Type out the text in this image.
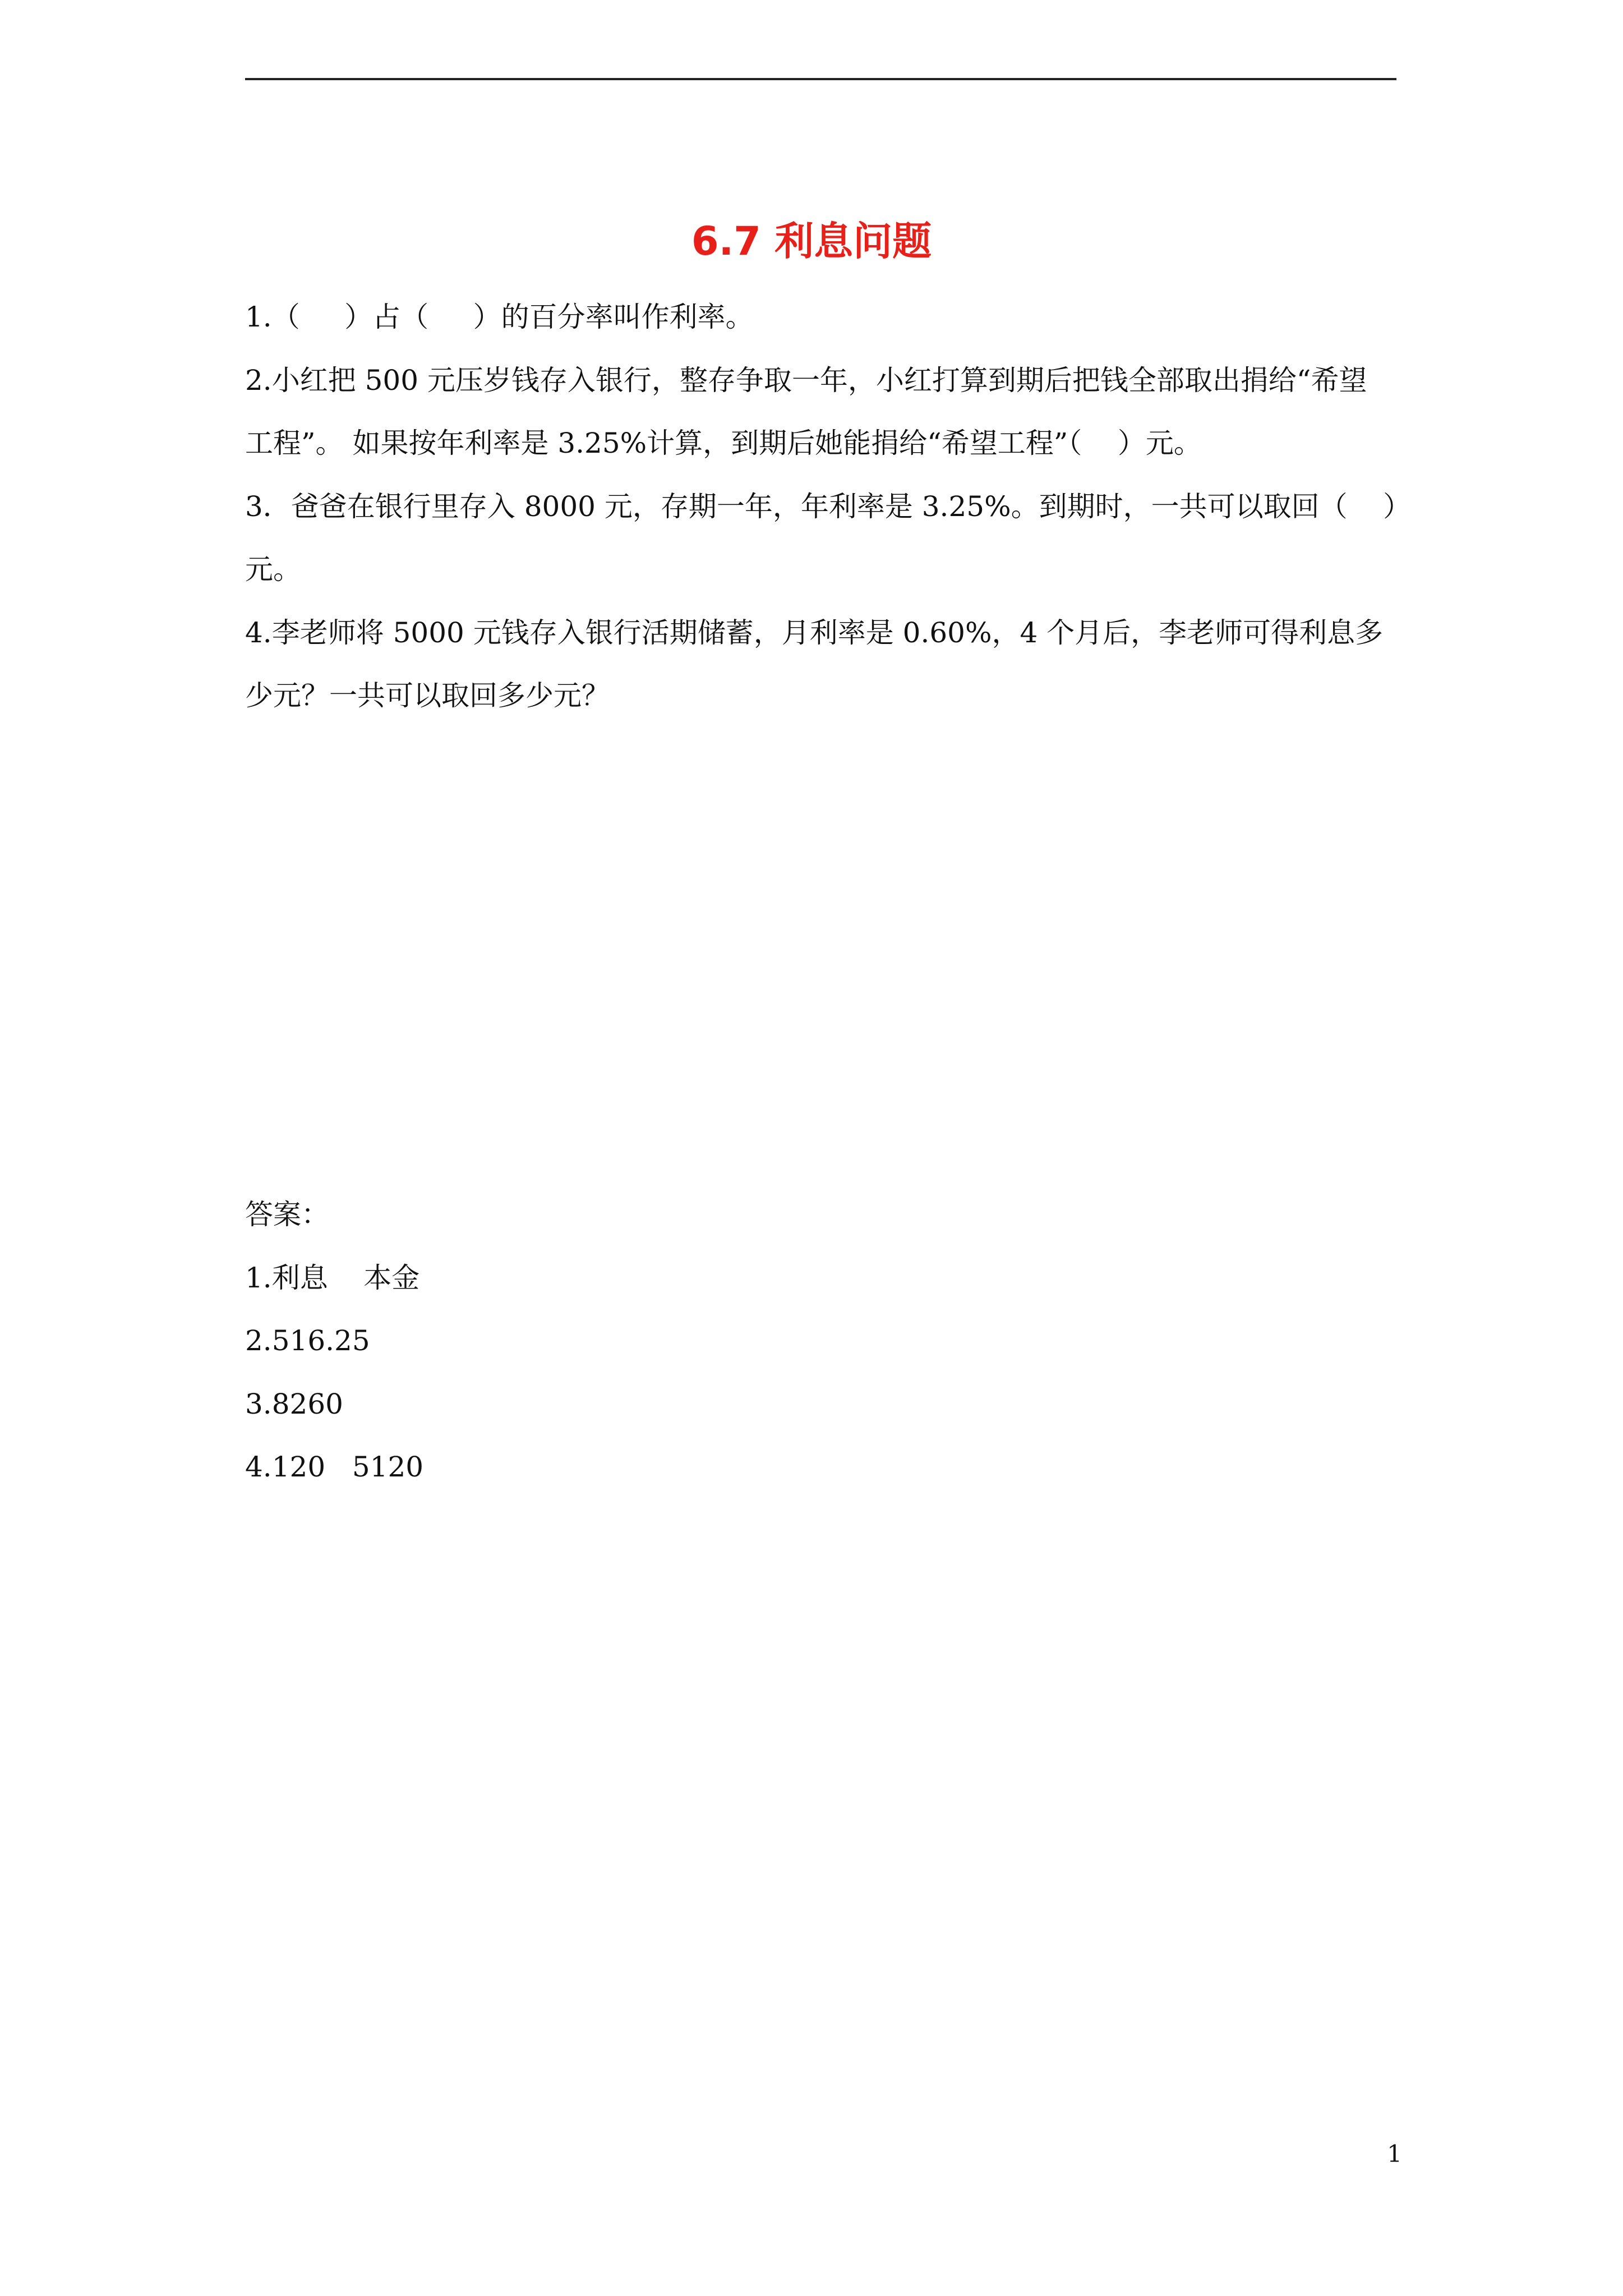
6.7 利息问题
1.（     ）占（     ）的百分率叫作利率。
2.小红把 500 元压岁钱存入银行，整存争取一年，小红打算到期后把钱全部取出捐给“希望
工程”。 如果按年利率是 3.25%计算，到期后她能捐给“希望工程”（    ）元。
3．爸爸在银行里存入 8000 元，存期一年，年利率是 3.25%。到期时，一共可以取回（    ）
元。
4.李老师将 5000 元钱存入银行活期储蓄，月利率是 0.60%，4 个月后，李老师可得利息多
少元？一共可以取回多少元？
答案：
1.利息    本金
2.516.25
3.8260
4.120   5120
1
